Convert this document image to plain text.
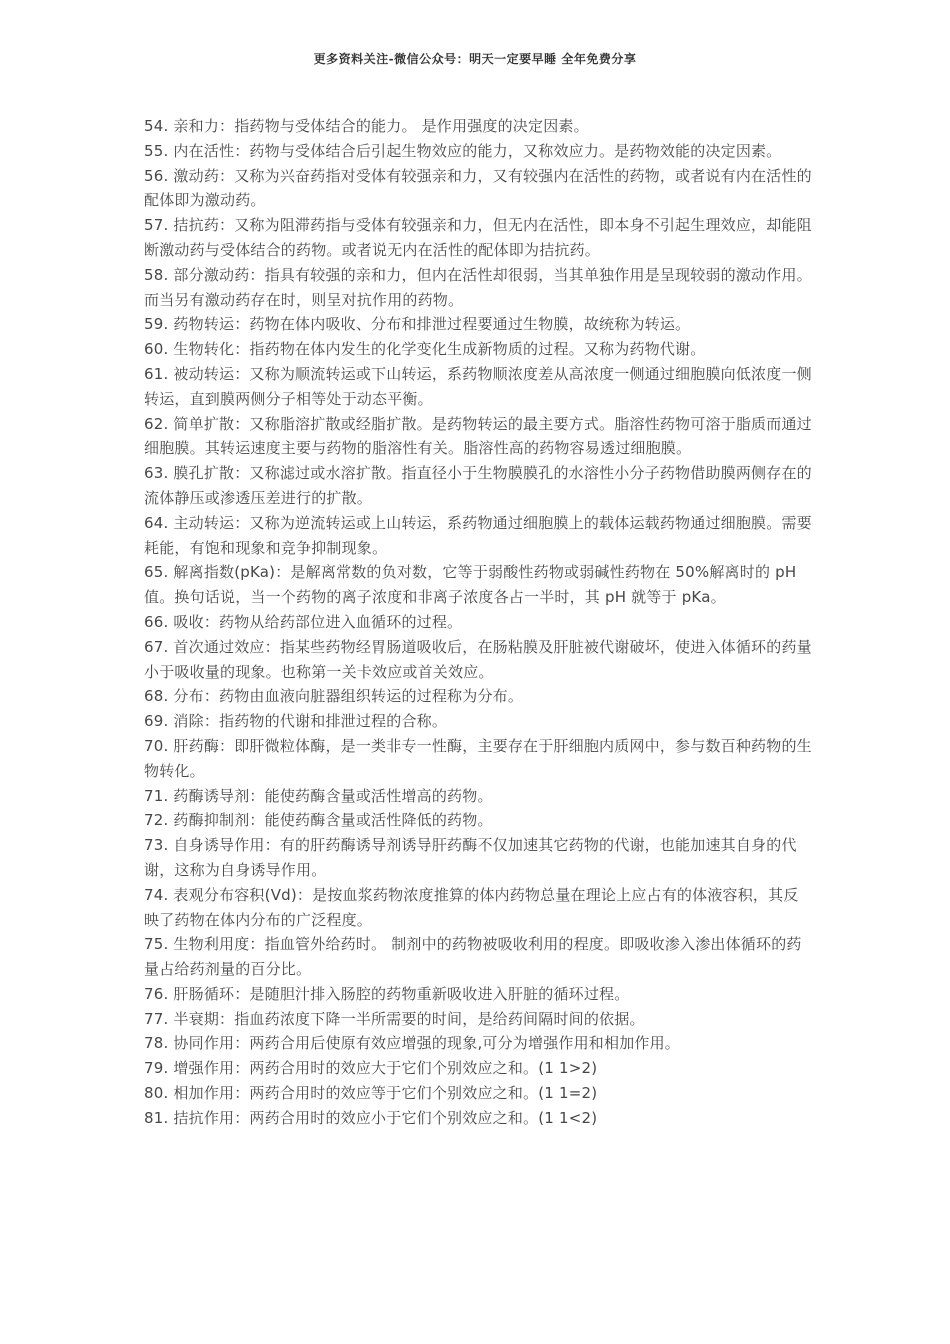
更多资料关注-微信公众号：明天一定要早睡 全年免费分享

54. 亲和力：指药物与受体结合的能力。 是作用强度的决定因素。

55. 内在活性：药物与受体结合后引起生物效应的能力，又称效应力。是药物效能的决定因素。

56. 激动药：又称为兴奋药指对受体有较强亲和力，又有较强内在活性的药物，或者说有内在活性的配体即为激动药。

57. 拮抗药：又称为阻滞药指与受体有较强亲和力，但无内在活性，即本身不引起生理效应，却能阻断激动药与受体结合的药物。或者说无内在活性的配体即为拮抗药。

58. 部分激动药：指具有较强的亲和力，但内在活性却很弱，当其单独作用是呈现较弱的激动作用。 而当另有激动药存在时，则呈对抗作用的药物。

59. 药物转运：药物在体内吸收、分布和排泄过程要通过生物膜，故统称为转运。

60. 生物转化：指药物在体内发生的化学变化生成新物质的过程。又称为药物代谢。

61. 被动转运：又称为顺流转运或下山转运，系药物顺浓度差从高浓度一侧通过细胞膜向低浓度一侧转运，直到膜两侧分子相等处于动态平衡。

62. 简单扩散：又称脂溶扩散或经脂扩散。是药物转运的最主要方式。脂溶性药物可溶于脂质而通过细胞膜。其转运速度主要与药物的脂溶性有关。脂溶性高的药物容易透过细胞膜。

63. 膜孔扩散：又称滤过或水溶扩散。指直径小于生物膜膜孔的水溶性小分子药物借助膜两侧存在的流体静压或渗透压差进行的扩散。

64. 主动转运：又称为逆流转运或上山转运，系药物通过细胞膜上的载体运载药物通过细胞膜。需要耗能，有饱和现象和竞争抑制现象。

65. 解离指数(pKa)：是解离常数的负对数，它等于弱酸性药物或弱碱性药物在 50%解离时的 pH 值。换句话说，当一个药物的离子浓度和非离子浓度各占一半时，其 pH 就等于 pKa。

66. 吸收：药物从给药部位进入血循环的过程。

67. 首次通过效应：指某些药物经胃肠道吸收后，在肠粘膜及肝脏被代谢破坏，使进入体循环的药量小于吸收量的现象。也称第一关卡效应或首关效应。

68. 分布：药物由血液向脏器组织转运的过程称为分布。

69. 消除：指药物的代谢和排泄过程的合称。

70. 肝药酶：即肝微粒体酶，是一类非专一性酶，主要存在于肝细胞内质网中，参与数百种药物的生物转化。

71. 药酶诱导剂：能使药酶含量或活性增高的药物。

72. 药酶抑制剂：能使药酶含量或活性降低的药物。

73. 自身诱导作用：有的肝药酶诱导剂诱导肝药酶不仅加速其它药物的代谢，也能加速其自身的代谢，这称为自身诱导作用。

74. 表观分布容积(Vd)：是按血浆药物浓度推算的体内药物总量在理论上应占有的体液容积，其反映了药物在体内分布的广泛程度。

75. 生物利用度：指血管外给药时。 制剂中的药物被吸收利用的程度。即吸收渗入渗出体循环的药量占给药剂量的百分比。

76. 肝肠循环：是随胆汁排入肠腔的药物重新吸收进入肝脏的循环过程。

77. 半衰期：指血药浓度下降一半所需要的时间，是给药间隔时间的依据。

78. 协同作用：两药合用后使原有效应增强的现象,可分为增强作用和相加作用。

79. 增强作用：两药合用时的效应大于它们个别效应之和。(1 1>2)

80. 相加作用：两药合用时的效应等于它们个别效应之和。(1 1=2)

81. 拮抗作用：两药合用时的效应小于它们个别效应之和。(1 1<2)
